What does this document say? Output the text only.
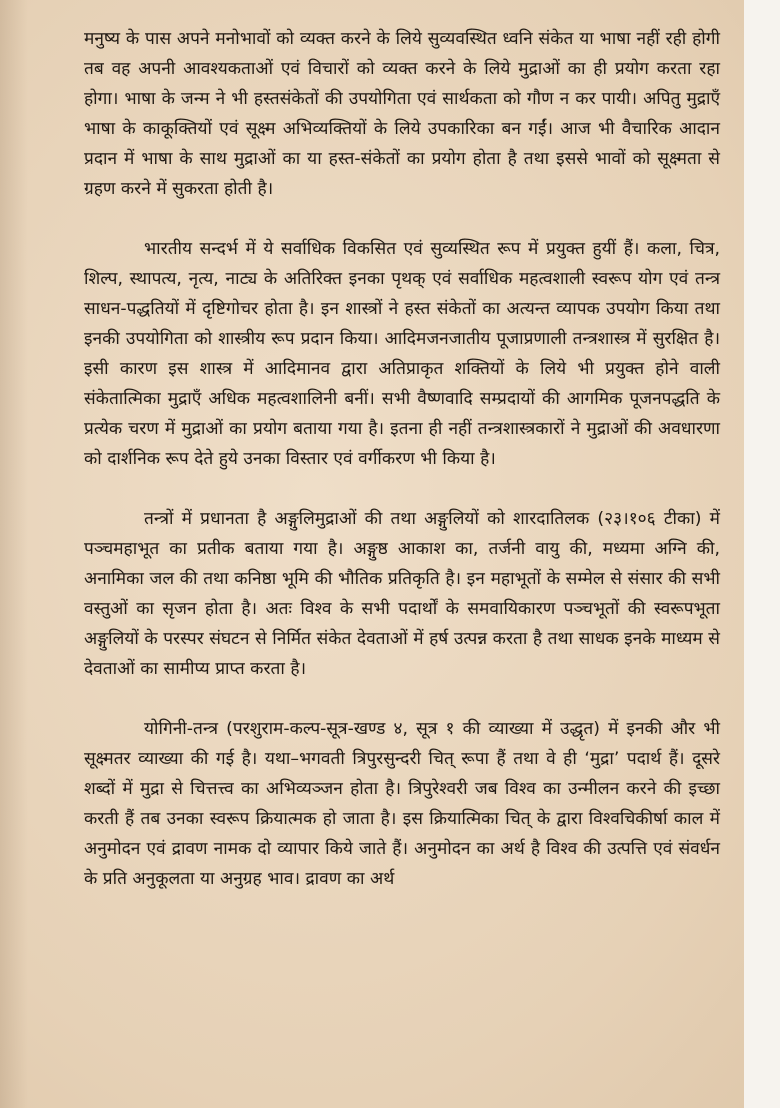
मनुष्य के पास अपने मनोभावों को व्यक्त करने के लिये सुव्यवस्थित ध्वनि संकेत या भाषा नहीं रही होगी तब वह अपनी आवश्यकताओं एवं विचारों को व्यक्त करने के लिये मुद्राओं का ही प्रयोग करता रहा होगा। भाषा के जन्म ने भी हस्तसंकेतों की उपयोगिता एवं सार्थकता को गौण न कर पायी। अपितु मुद्राएँ भाषा के काकूक्तियों एवं सूक्ष्म अभिव्यक्तियों के लिये उपकारिका बन गईं। आज भी वैचारिक आदान प्रदान में भाषा के साथ मुद्राओं का या हस्त-संकेतों का प्रयोग होता है तथा इससे भावों को सूक्ष्मता से ग्रहण करने में सुकरता होती है।

भारतीय सन्दर्भ में ये सर्वाधिक विकसित एवं सुव्यस्थित रूप में प्रयुक्त हुयीं हैं। कला, चित्र, शिल्प, स्थापत्य, नृत्य, नाट्य के अतिरिक्त इनका पृथक् एवं सर्वाधिक महत्वशाली स्वरूप योग एवं तन्त्र साधन-पद्धतियों में दृष्टिगोचर होता है। इन शास्त्रों ने हस्त संकेतों का अत्यन्त व्यापक उपयोग किया तथा इनकी उपयोगिता को शास्त्रीय रूप प्रदान किया। आदिमजनजातीय पूजाप्रणाली तन्त्रशास्त्र में सुरक्षित है। इसी कारण इस शास्त्र में आदिमानव द्वारा अतिप्राकृत शक्तियों के लिये भी प्रयुक्त होने वाली संकेतात्मिका मुद्राएँ अधिक महत्वशालिनी बनीं। सभी वैष्णवादि सम्प्रदायों की आगमिक पूजनपद्धति के प्रत्येक चरण में मुद्राओं का प्रयोग बताया गया है। इतना ही नहीं तन्त्रशास्त्रकारों ने मुद्राओं की अवधारणा को दार्शनिक रूप देते हुये उनका विस्तार एवं वर्गीकरण भी किया है।

तन्त्रों में प्रधानता है अङ्गुलिमुद्राओं की तथा अङ्गुलियों को शारदातिलक (२३।१०६ टीका) में पञ्चमहाभूत का प्रतीक बताया गया है। अङ्गुष्ठ आकाश का, तर्जनी वायु की, मध्यमा अग्नि की, अनामिका जल की तथा कनिष्ठा भूमि की भौतिक प्रतिकृति है। इन महाभूतों के सम्मेल से संसार की सभी वस्तुओं का सृजन होता है। अतः विश्व के सभी पदार्थों के समवायिकारण पञ्चभूतों की स्वरूपभूता अङ्गुलियों के परस्पर संघटन से निर्मित संकेत देवताओं में हर्ष उत्पन्न करता है तथा साधक इनके माध्यम से देवताओं का सामीप्य प्राप्त करता है।

योगिनी-तन्त्र (परशुराम-कल्प-सूत्र-खण्ड ४, सूत्र १ की व्याख्या में उद्धृत) में इनकी और भी सूक्ष्मतर व्याख्या की गई है। यथा–भगवती त्रिपुरसुन्दरी चित् रूपा हैं तथा वे ही ‘मुद्रा’ पदार्थ हैं। दूसरे शब्दों में मुद्रा से चित्तत्त्व का अभिव्यञ्जन होता है। त्रिपुरेश्वरी जब विश्व का उन्मीलन करने की इच्छा करती हैं तब उनका स्वरूप क्रियात्मक हो जाता है। इस क्रियात्मिका चित् के द्वारा विश्वचिकीर्षा काल में अनुमोदन एवं द्रावण नामक दो व्यापार किये जाते हैं। अनुमोदन का अर्थ है विश्व की उत्पत्ति एवं संवर्धन के प्रति अनुकूलता या अनुग्रह भाव। द्रावण का अर्थ
